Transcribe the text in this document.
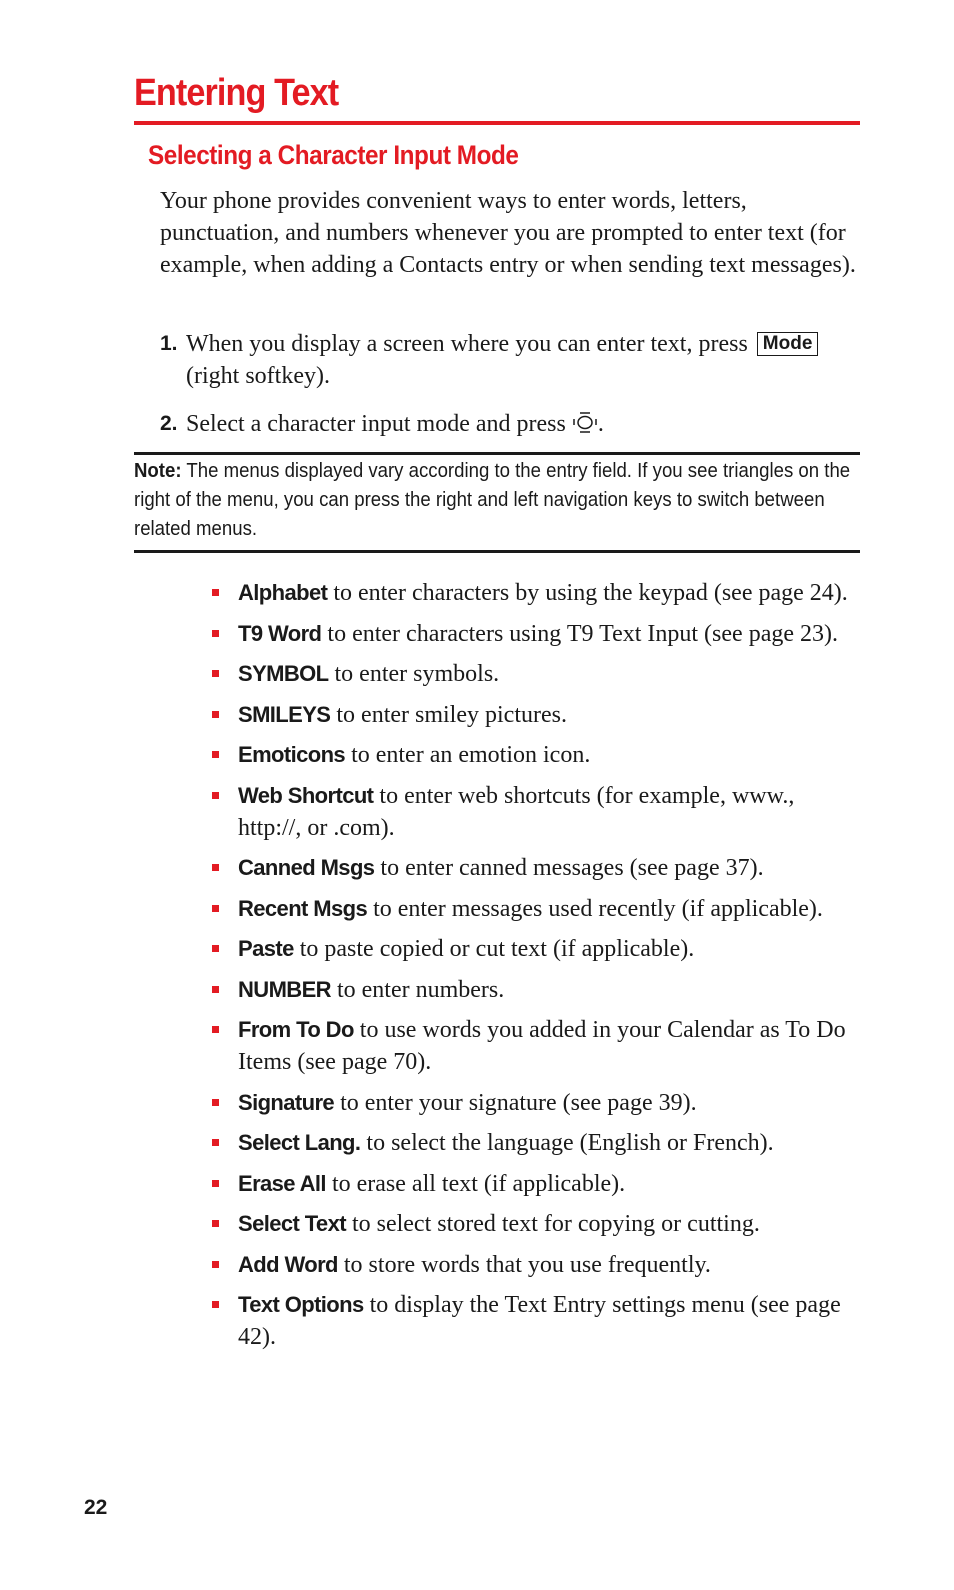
Entering Text
Selecting a Character Input Mode

Your phone provides convenient ways to enter words, letters, punctuation, and numbers whenever you are prompted to enter text (for example, when adding a Contacts entry or when sending text messages).

1. When you display a screen where you can enter text, press Mode (right softkey).
2. Select a character input mode and press .

Note: The menus displayed vary according to the entry field. If you see triangles on the right of the menu, you can press the right and left navigation keys to switch between related menus.

Alphabet to enter characters by using the keypad (see page 24).
T9 Word to enter characters using T9 Text Input (see page 23).
SYMBOL to enter symbols.
SMILEYS to enter smiley pictures.
Emoticons to enter an emotion icon.
Web Shortcut to enter web shortcuts (for example, www., http://, or .com).
Canned Msgs to enter canned messages (see page 37).
Recent Msgs to enter messages used recently (if applicable).
Paste to paste copied or cut text (if applicable).
NUMBER to enter numbers.
From To Do to use words you added in your Calendar as To Do Items (see page 70).
Signature to enter your signature (see page 39).
Select Lang. to select the language (English or French).
Erase All to erase all text (if applicable).
Select Text to select stored text for copying or cutting.
Add Word to store words that you use frequently.
Text Options to display the Text Entry settings menu (see page 42).
22
